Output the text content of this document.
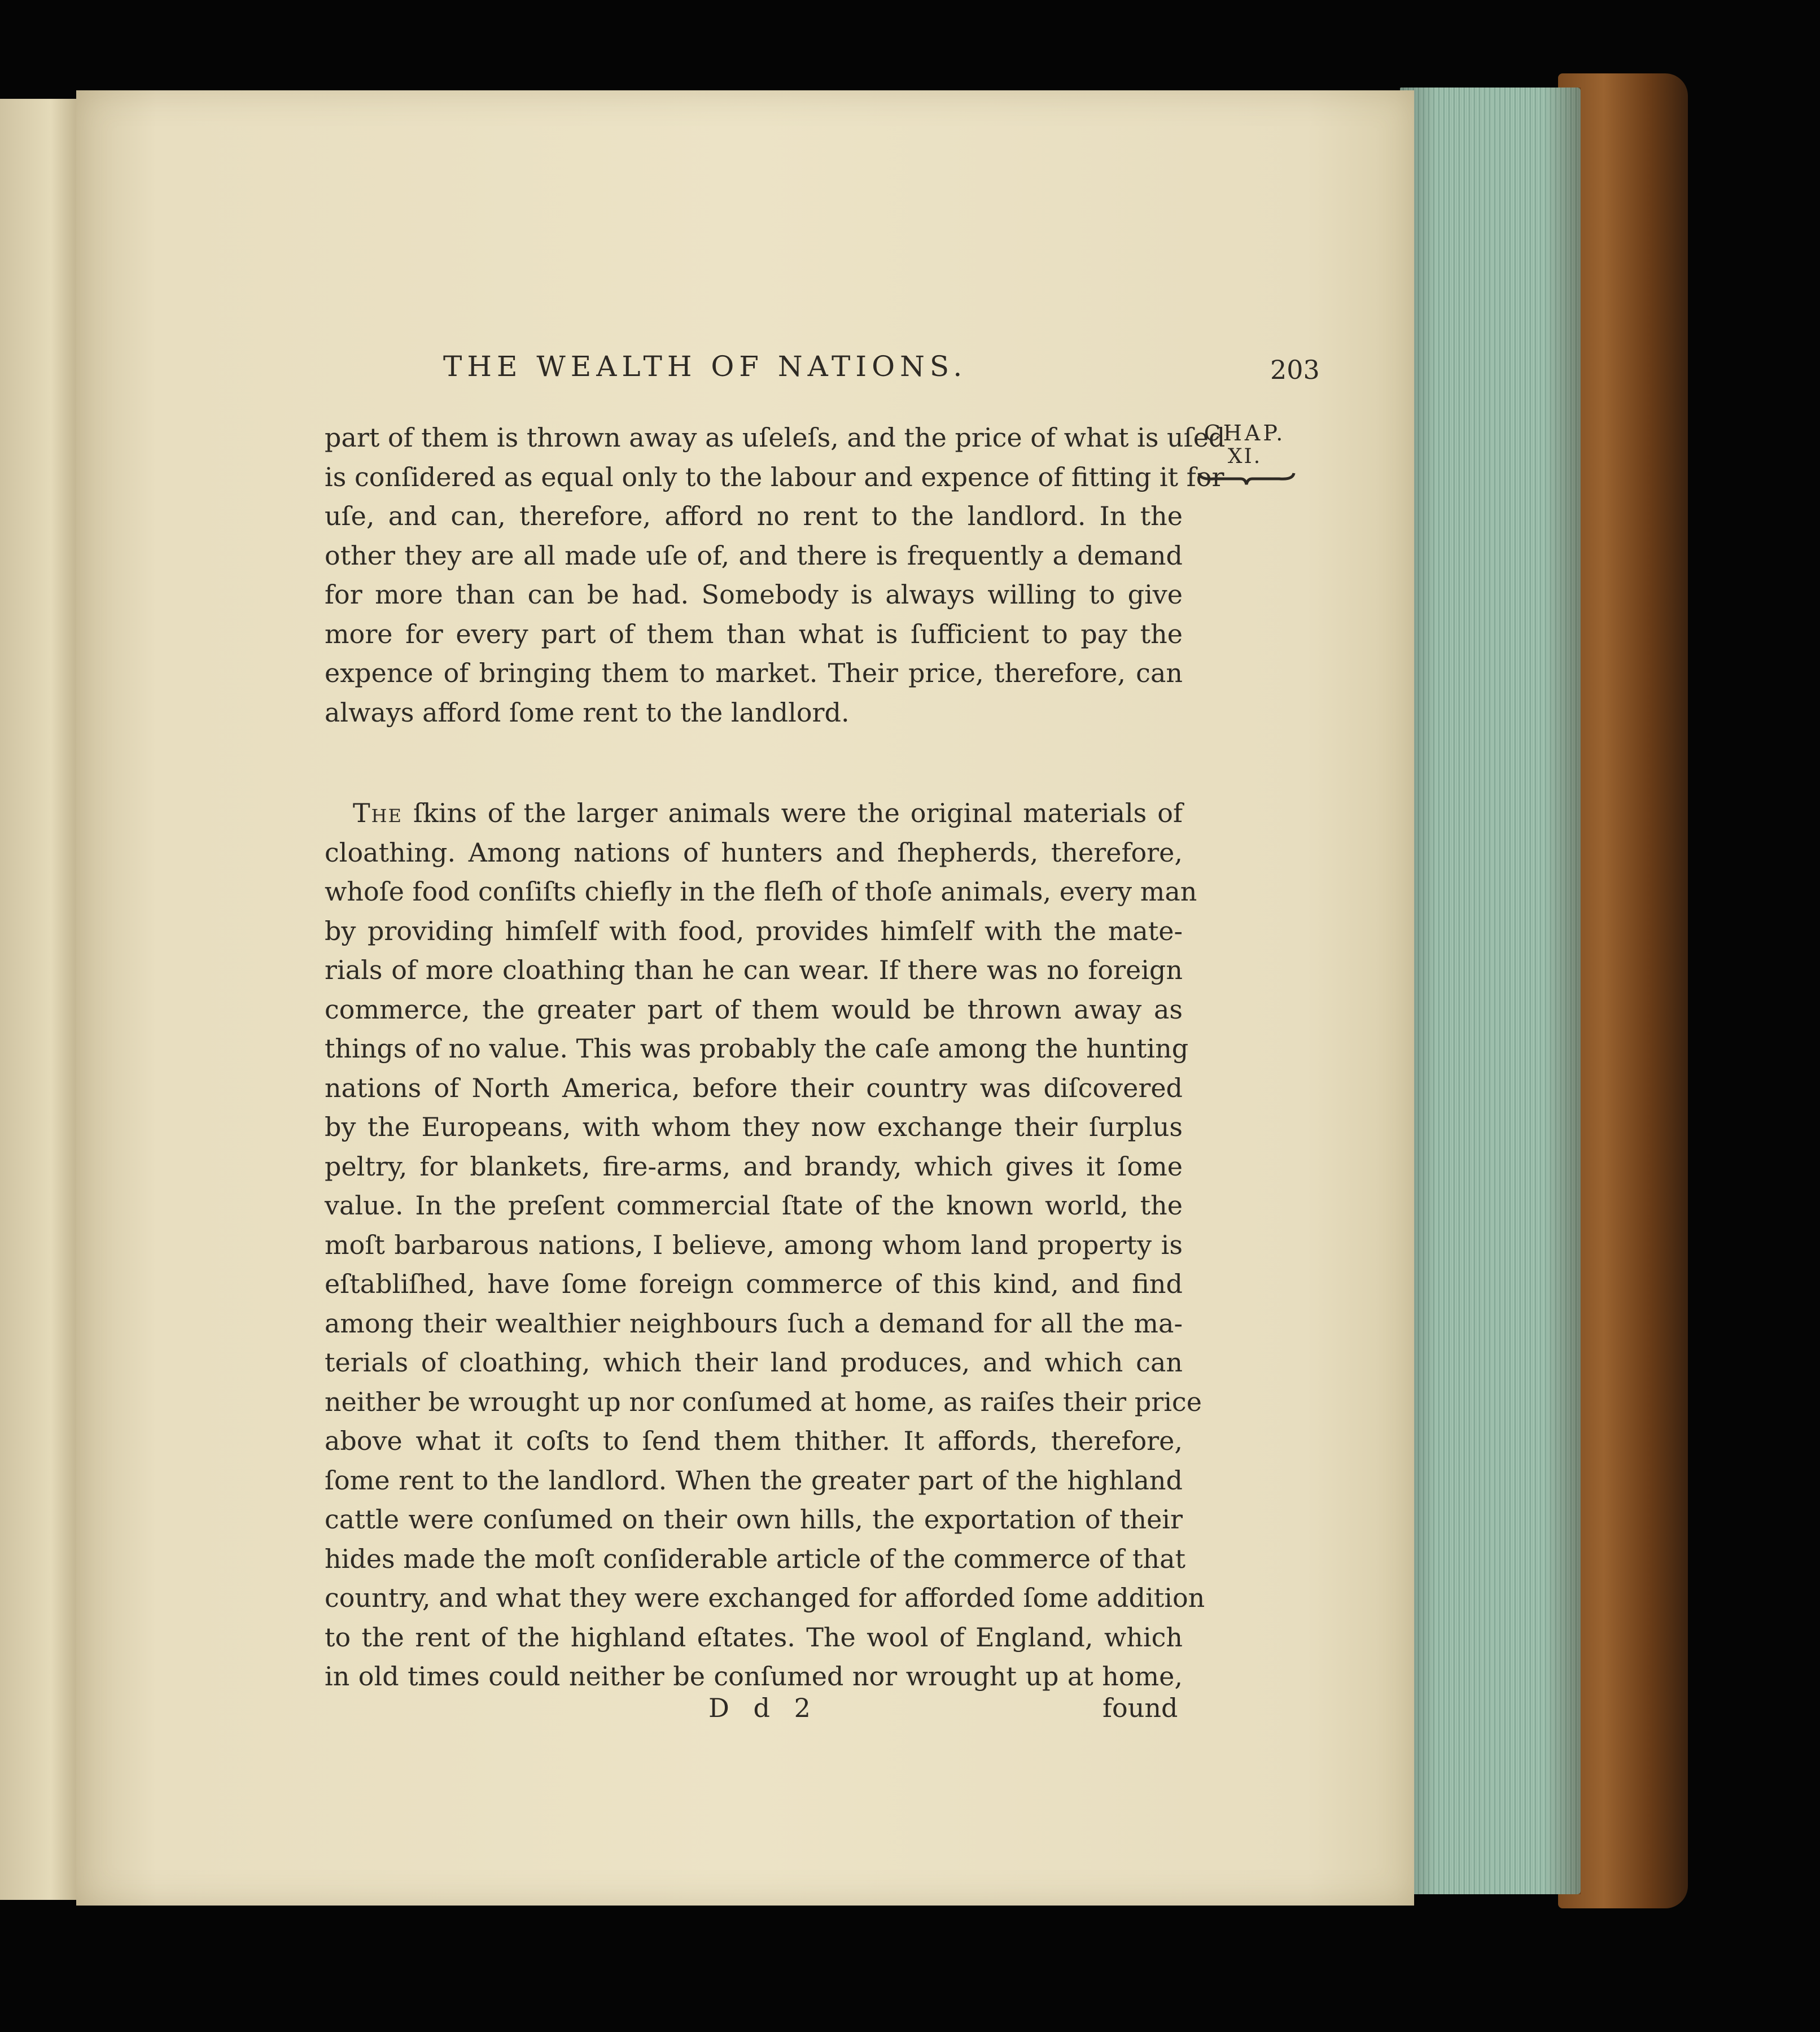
THE WEALTH OF NATIONS.	203
CHAP.
XI.
part of them is thrown away as uſeleſs, and the price of what is uſed
is conſidered as equal only to the labour and expence of fitting it for
uſe, and can, therefore, afford no rent to the landlord. In the
other they are all made uſe of, and there is frequently a demand
for more than can be had. Somebody is always willing to give
more for every part of them than what is ſufficient to pay the
expence of bringing them to market. Their price, therefore, can
always afford ſome rent to the landlord.
The ſkins of the larger animals were the original materials of
cloathing. Among nations of hunters and ſhepherds, therefore,
whoſe food conſiſts chiefly in the fleſh of thoſe animals, every man
by providing himſelf with food, provides himſelf with the mate-
rials of more cloathing than he can wear. If there was no foreign
commerce, the greater part of them would be thrown away as
things of no value. This was probably the caſe among the hunting
nations of North America, before their country was diſcovered
by the Europeans, with whom they now exchange their ſurplus
peltry, for blankets, fire-arms, and brandy, which gives it ſome
value. In the preſent commercial ſtate of the known world, the
moſt barbarous nations, I believe, among whom land property is
eſtabliſhed, have ſome foreign commerce of this kind, and find
among their wealthier neighbours ſuch a demand for all the ma-
terials of cloathing, which their land produces, and which can
neither be wrought up nor conſumed at home, as raiſes their price
above what it coſts to ſend them thither. It affords, therefore,
ſome rent to the landlord. When the greater part of the highland
cattle were conſumed on their own hills, the exportation of their
hides made the moſt conſiderable article of the commerce of that
country, and what they were exchanged for afforded ſome addition
to the rent of the highland eſtates. The wool of England, which
in old times could neither be conſumed nor wrought up at home,
D d 2	found
